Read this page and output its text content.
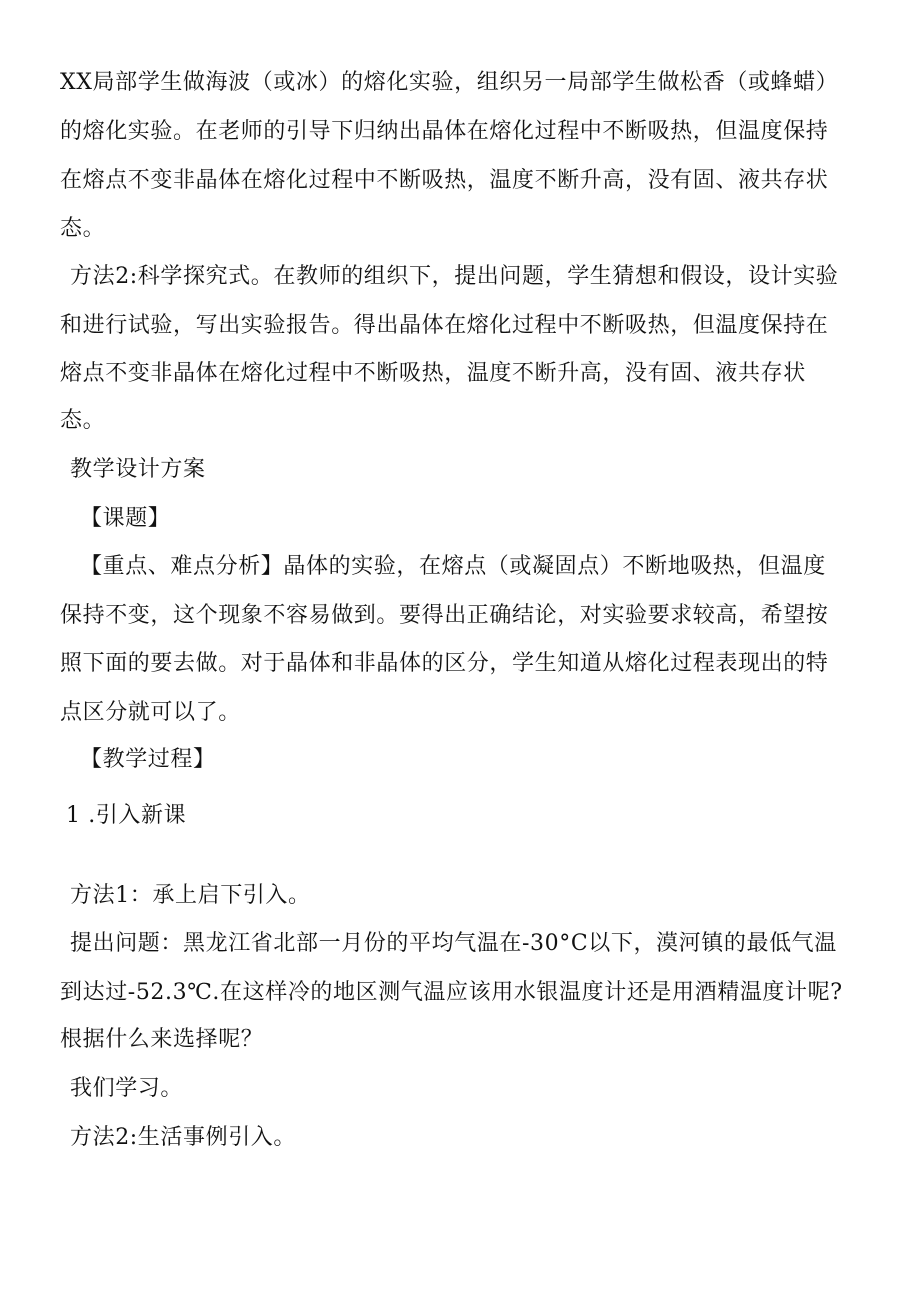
XX局部学生做海波（或冰）的熔化实验，组织另一局部学生做松香（或蜂蜡）
的熔化实验。在老师的引导下归纳出晶体在熔化过程中不断吸热，但温度保持
在熔点不变非晶体在熔化过程中不断吸热，温度不断升高，没有固、液共存状
态。
方法2:科学探究式。在教师的组织下，提出问题，学生猜想和假设，设计实验
和进行试验，写出实验报告。得出晶体在熔化过程中不断吸热，但温度保持在
熔点不变非晶体在熔化过程中不断吸热，温度不断升高，没有固、液共存状
态。
教学设计方案
【课题】
【重点、难点分析】晶体的实验，在熔点（或凝固点）不断地吸热，但温度
保持不变，这个现象不容易做到。要得出正确结论，对实验要求较高，希望按
照下面的要去做。对于晶体和非晶体的区分，学生知道从熔化过程表现出的特
点区分就可以了。
【教学过程】
1 .引入新课
方法1：承上启下引入。
提出问题：黑龙江省北部一月份的平均气温在-30°C以下，漠河镇的最低气温
到达过-52.3℃.在这样冷的地区测气温应该用水银温度计还是用酒精温度计呢?
根据什么来选择呢？
我们学习。
方法2:生活事例引入。
